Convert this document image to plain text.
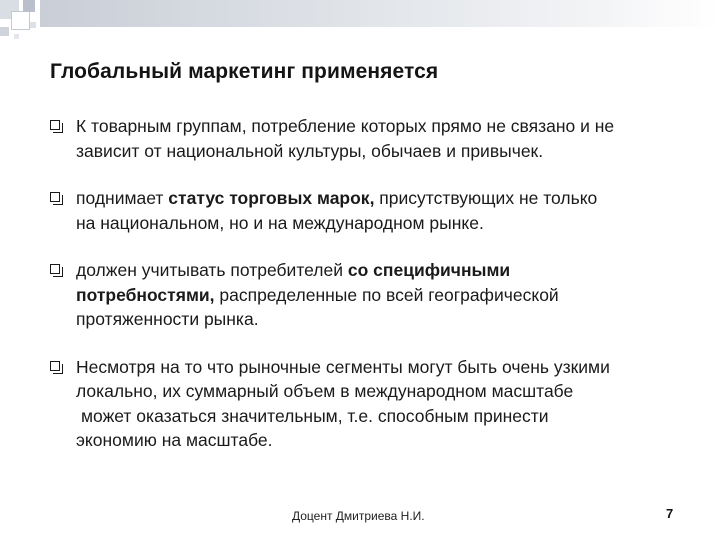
Глобальный маркетинг применяется
К товарным группам, потребление которых прямо не связано и не
зависит от национальной культуры, обычаев и привычек.
поднимает статус торговых марок, присутствующих не только
на национальном, но и на международном рынке.
должен учитывать потребителей со специфичными
потребностями, распределенные по всей географической
протяженности рынка.
Несмотря на то что рыночные сегменты могут быть очень узкими
локально, их суммарный объем в международном масштабе
может оказаться значительным, т.е. способным принести
экономию на масштабе.
Доцент Дмитриева Н.И.	7
